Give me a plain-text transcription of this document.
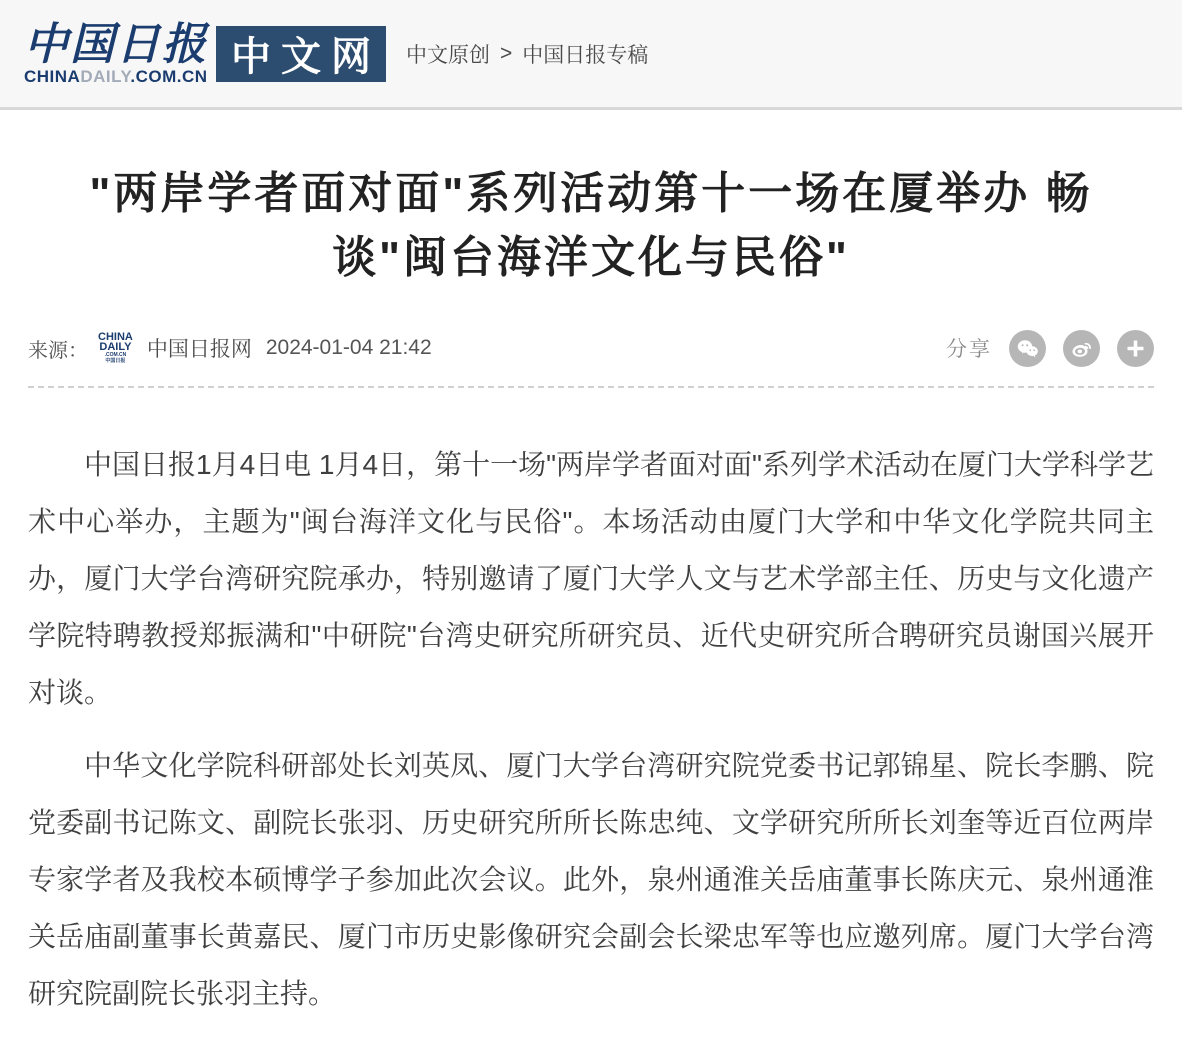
中国日报
CHINADAILY.COM.CN 中文网 中文原创 > 中国日报专稿
"两岸学者面对面"系列活动第十一场在厦举办 畅
谈"闽台海洋文化与民俗"
来源：
CHINA
DAILY
.COM.CN
中国日报 中国日报网 2024-01-04 21:42	分享

中国日报1月4日电 1月4日，第十一场"两岸学者面对面"系列学术活动在厦门大学科学艺术中心举办，主题为"闽台海洋文化与民俗"。本场活动由厦门大学和中华文化学院共同主办，厦门大学台湾研究院承办，特别邀请了厦门大学人文与艺术学部主任、历史与文化遗产学院特聘教授郑振满和"中研院"台湾史研究所研究员、近代史研究所合聘研究员谢国兴展开对谈。

中华文化学院科研部处长刘英凤、厦门大学台湾研究院党委书记郭锦星、院长李鹏、院党委副书记陈文、副院长张羽、历史研究所所长陈忠纯、文学研究所所长刘奎等近百位两岸专家学者及我校本硕博学子参加此次会议。此外，泉州通淮关岳庙董事长陈庆元、泉州通淮关岳庙副董事长黄嘉民、厦门市历史影像研究会副会长梁忠军等也应邀列席。厦门大学台湾研究院副院长张羽主持。
